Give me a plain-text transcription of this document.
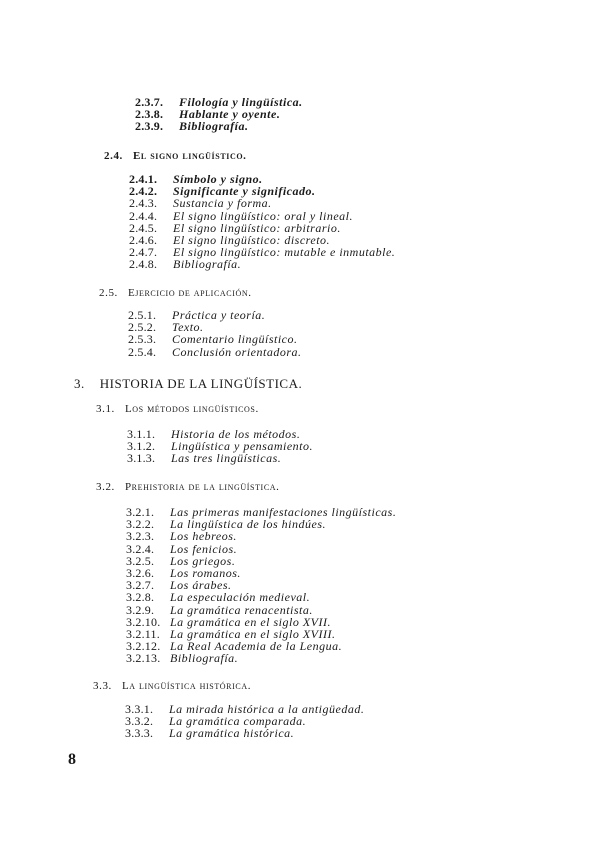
2.3.7.	Filología y lingüística.
2.3.8.	Hablante y oyente.
2.3.9.	Bibliografía.
2.4. El signo lingüístico.
2.4.1.	Símbolo y signo.
2.4.2.	Significante y significado.
2.4.3.	Sustancia y forma.
2.4.4.	El signo lingüístico: oral y lineal.
2.4.5.	El signo lingüístico: arbitrario.
2.4.6.	El signo lingüístico: discreto.
2.4.7.	El signo lingüístico: mutable e inmutable.
2.4.8.	Bibliografía.
2.5. Ejercicio de aplicación.
2.5.1.	Práctica y teoría.
2.5.2.	Texto.
2.5.3.	Comentario lingüístico.
2.5.4.	Conclusión orientadora.
3. HISTORIA DE LA LINGÜÍSTICA.
3.1. Los métodos lingüísticos.
3.1.1.	Historia de los métodos.
3.1.2.	Lingüística y pensamiento.
3.1.3.	Las tres lingüísticas.
3.2. Prehistoria de la lingüística.
3.2.1.	Las primeras manifestaciones lingüísticas.
3.2.2.	La lingüística de los hindúes.
3.2.3.	Los hebreos.
3.2.4.	Los fenicios.
3.2.5.	Los griegos.
3.2.6.	Los romanos.
3.2.7.	Los árabes.
3.2.8.	La especulación medieval.
3.2.9.	La gramática renacentista.
3.2.10. La gramática en el siglo XVII.
3.2.11. La gramática en el siglo XVIII.
3.2.12. La Real Academia de la Lengua.
3.2.13. Bibliografía.
3.3. La lingüística histórica.
3.3.1.	La mirada histórica a la antigüedad.
3.3.2.	La gramática comparada.
3.3.3.	La gramática histórica.
8
